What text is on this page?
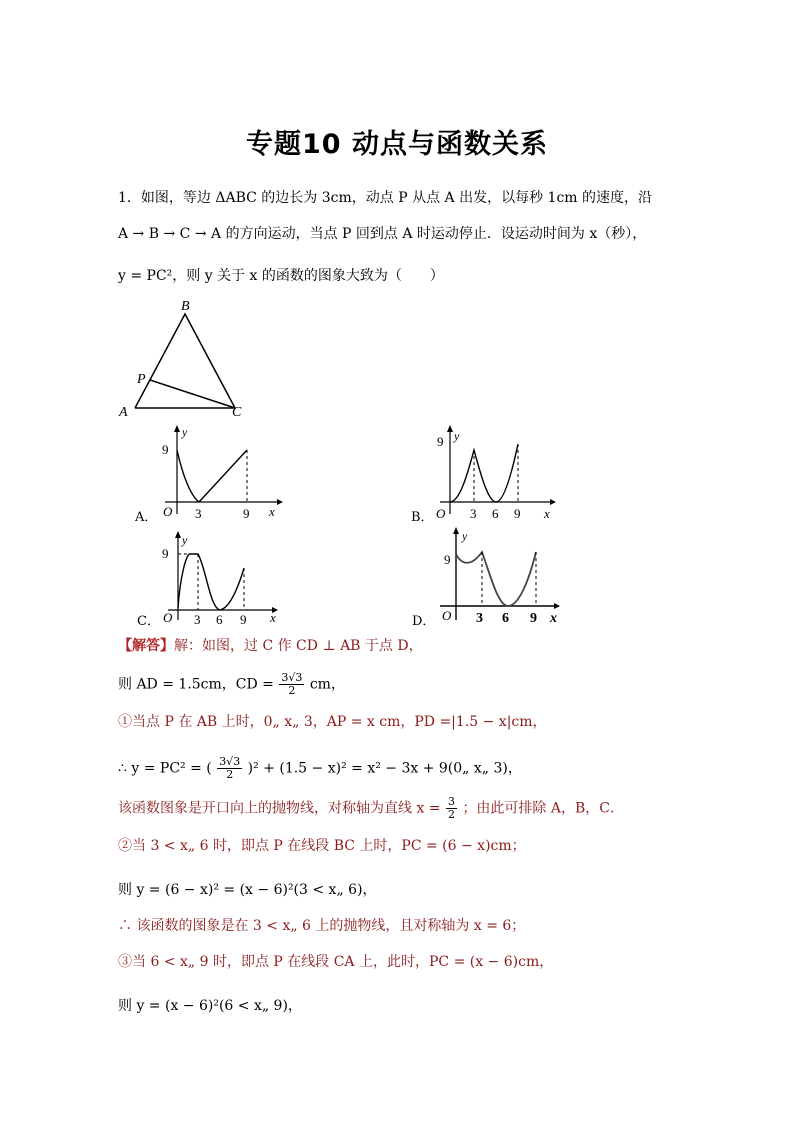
专题10 动点与函数关系
1．如图，等边 ΔABC 的边长为 3cm，动点 P 从点 A 出发，以每秒 1cm 的速度，沿
A → B → C → A 的方向运动，当点 P 回到点 A 时运动停止．设运动时间为 x（秒），
y = PC²，则 y 关于 x 的函数的图象大致为（　　）
B
P
A	C
A．
9
O 3	9 x
y
B．
9
O 3 6 9 x
y
C．
9
O 3 6 9 x
y
D．
9
O 3 6 9 x
y
【解答】解：如图，过 C 作 CD ⊥ AB 于点 D，
则 AD = 1.5cm，CD = $\frac{3√3}{2}$ cm，
①当点 P 在 AB 上时，0„ x„ 3，AP = x cm，PD =|1.5 − x|cm，
∴ y = PC² = ( $\frac{3√3}{2} )^2 + (1.5 - x)^2 = x^2 - 3x$ + 9(0„ x„ 3)，
该函数图象是开口向上的抛物线，对称轴为直线 $x = \frac{3}{2}$ ；由此可排除 A，B，C．
②当 3 < x„ 6 时，即点 P 在线段 BC 上时，PC = (6 − x)cm；
则 y = (6 − x)² = (x − 6)²(3 < x„ 6)，
∴ 该函数的图象是在 3 < x„ 6 上的抛物线，且对称轴为 x = 6；
③当 6 < x„ 9 时，即点 P 在线段 CA 上，此时，PC = (x − 6)cm，
则 y = (x − 6)²(6 < x„ 9)，
